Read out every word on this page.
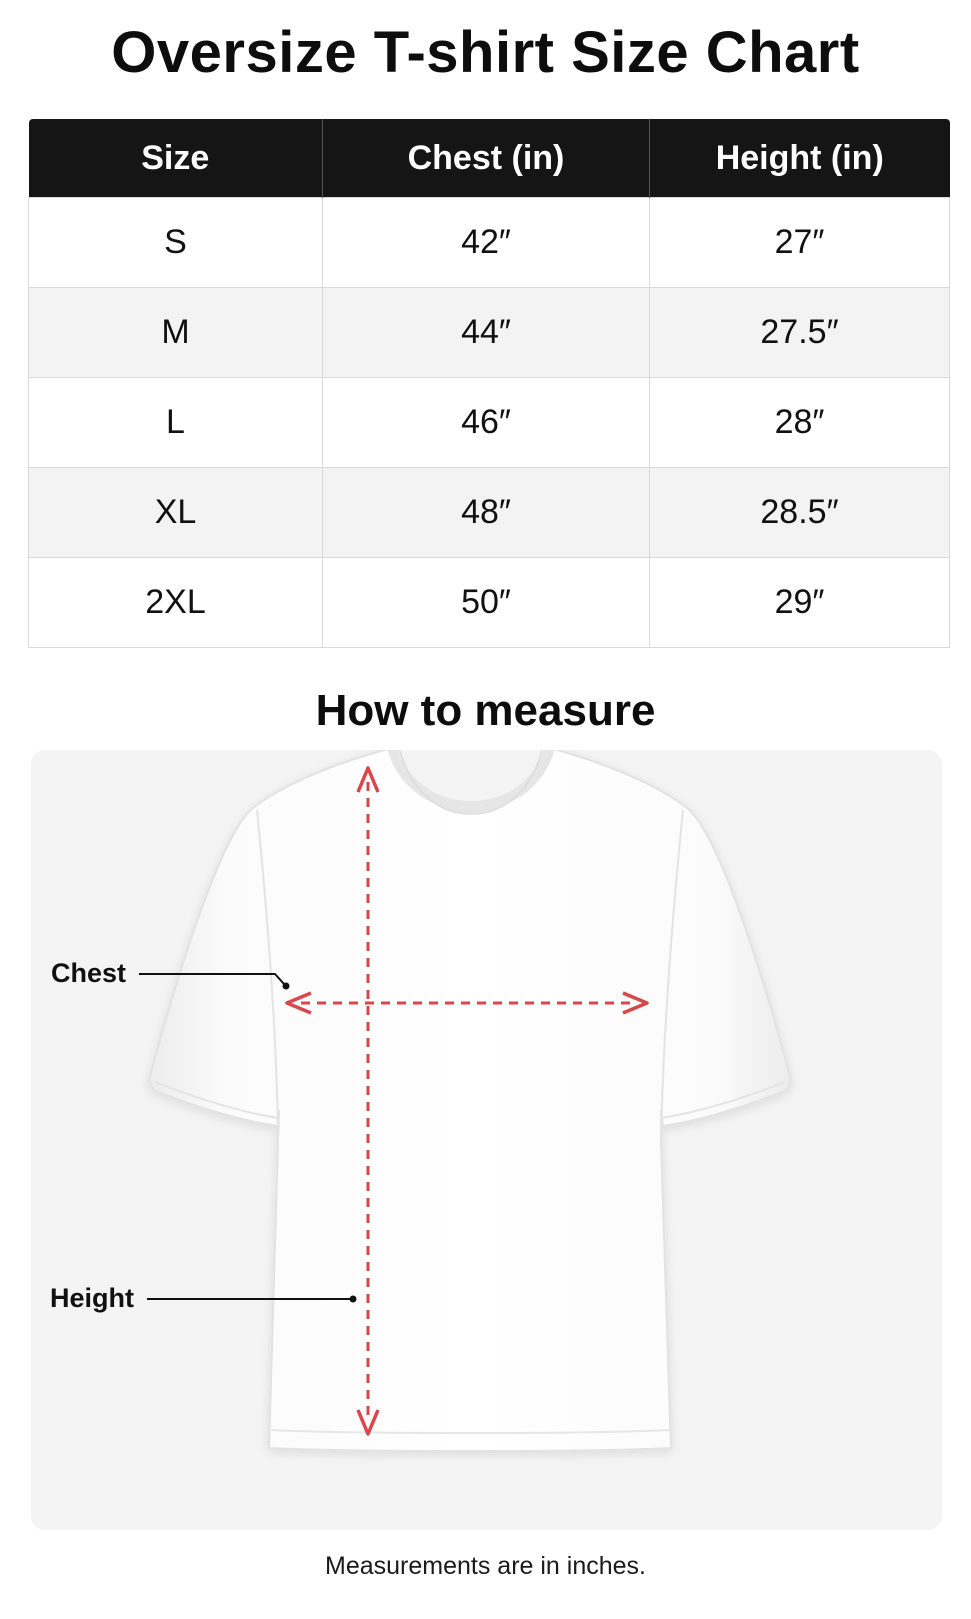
Oversize T-shirt Size Chart
Size	Chest (in)	Height (in)
S	42″	27″
M	44″	27.5″
L	46″	28″
XL	48″	28.5″
2XL	50″	29″
How to measure
Chest
Height
Measurements are in inches.
